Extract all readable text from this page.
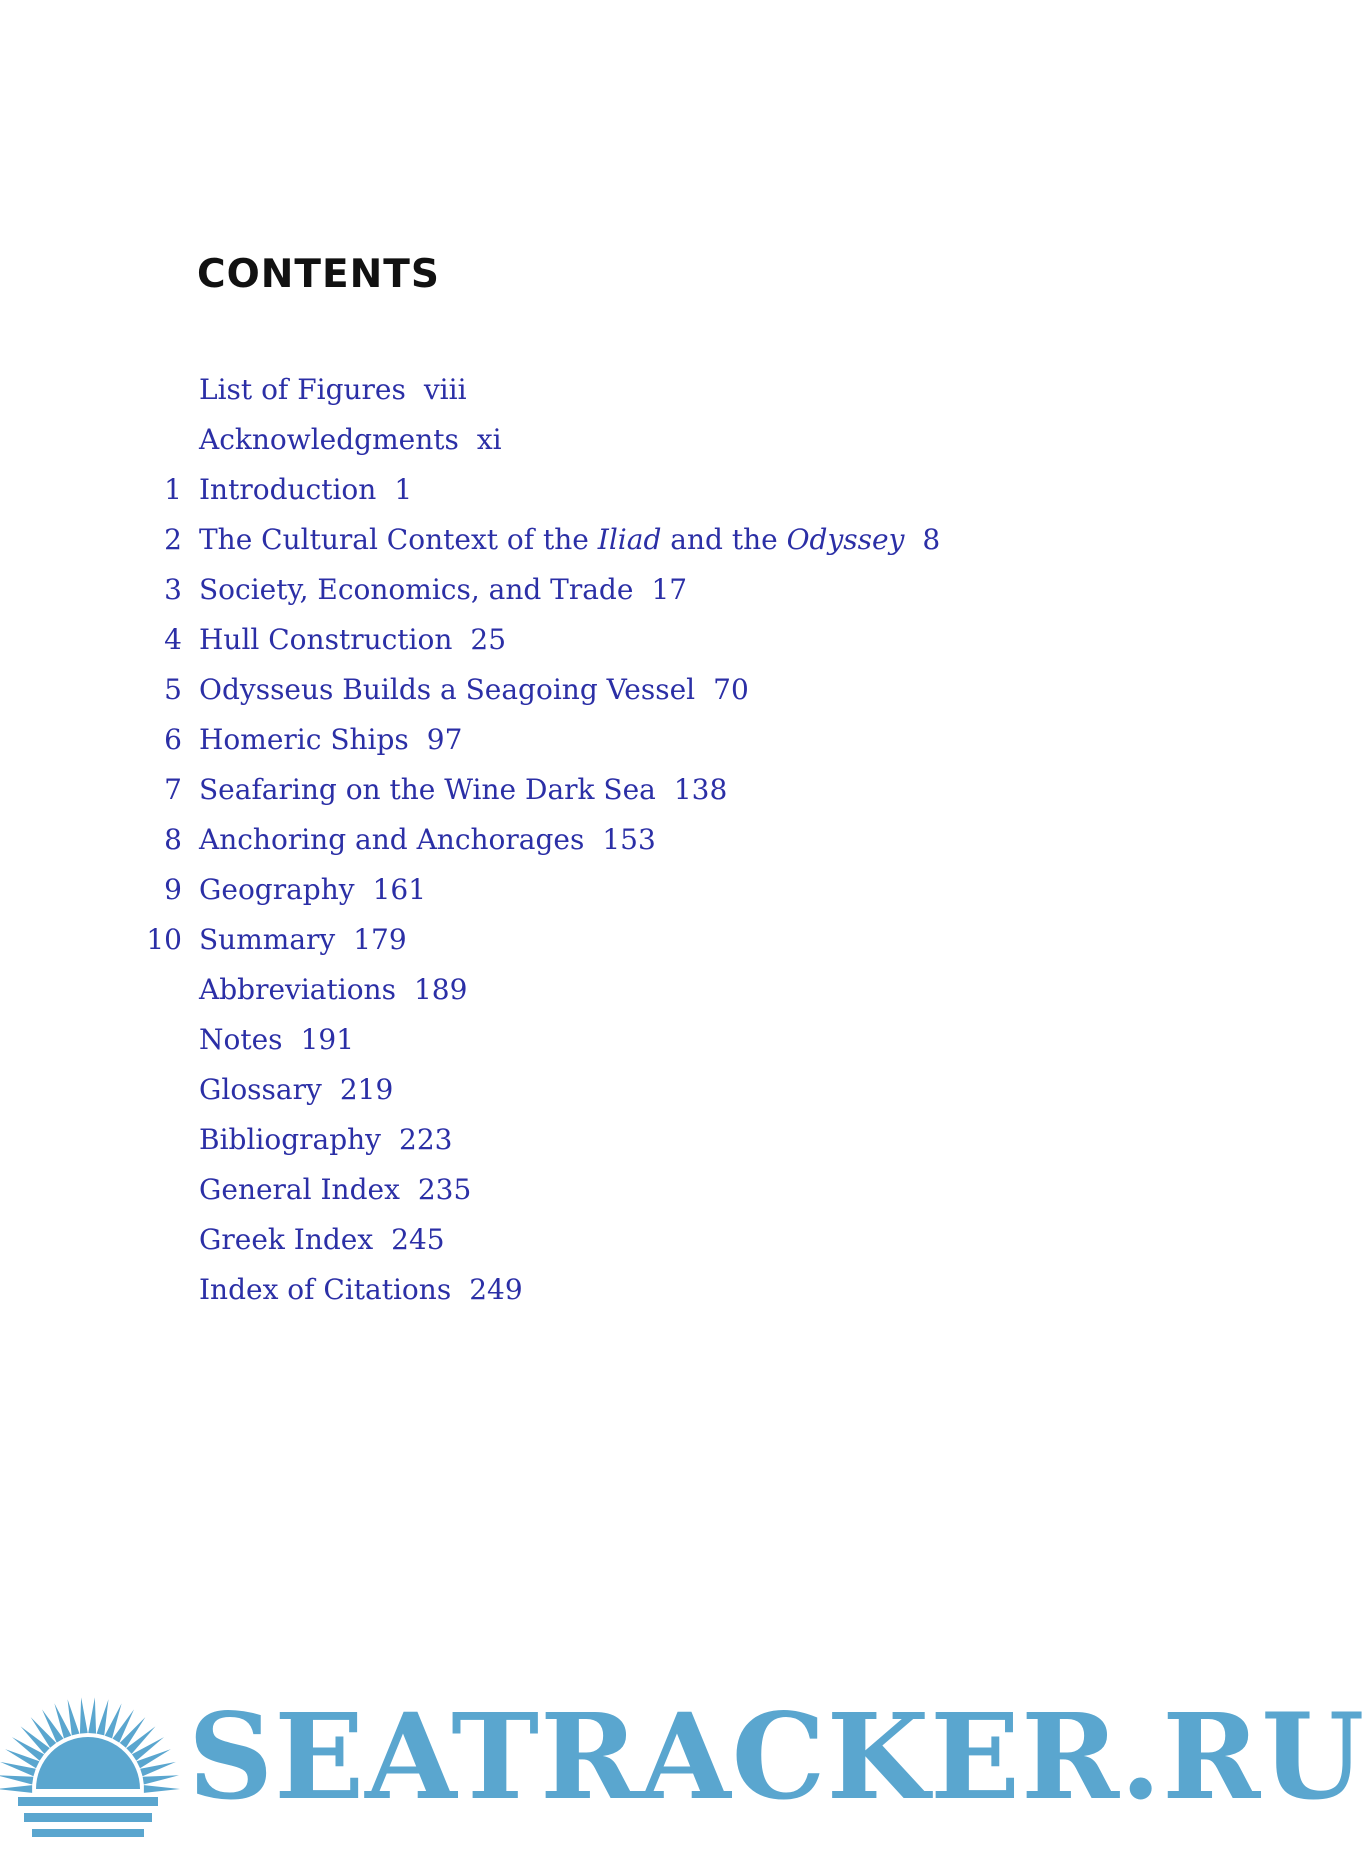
CONTENTS
List of Figures viii
Acknowledgments xi
1 Introduction 1
2 The Cultural Context of the Iliad and the Odyssey 8
3 Society, Economics, and Trade 17
4 Hull Construction 25
5 Odysseus Builds a Seagoing Vessel 70
6 Homeric Ships 97
7 Seafaring on the Wine Dark Sea 138
8 Anchoring and Anchorages 153
9 Geography 161
10 Summary 179
Abbreviations 189
Notes 191
Glossary 219
Bibliography 223
General Index 235
Greek Index 245
Index of Citations 249
SEATRACKER.RU
